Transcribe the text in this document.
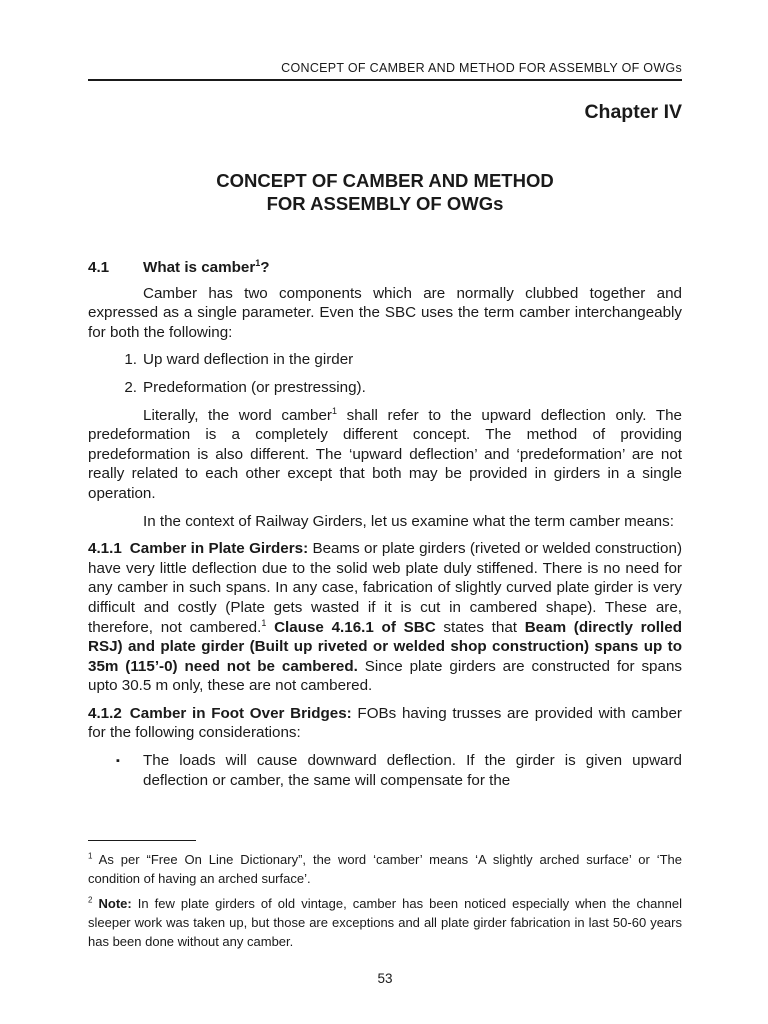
CONCEPT OF CAMBER AND METHOD FOR ASSEMBLY OF OWGs
Chapter IV
CONCEPT OF CAMBER AND METHOD
FOR ASSEMBLY OF OWGs
4.1	What is camber$^1$?

Camber has two components which are normally clubbed together and expressed as a single parameter. Even the SBC uses the term camber interchangeably for both the following:

1. Up ward deflection in the girder
2. Predeformation (or prestressing).

Literally, the word camber$^1$ shall refer to the upward deflection only. The predeformation is a completely different concept. The method of providing predeformation is also different. The ‘upward deflection’ and ‘predeformation’ are not really related to each other except that both may be provided in girders in a single operation.

In the context of Railway Girders, let us examine what the term camber means:

4.1.1 Camber in Plate Girders: Beams or plate girders (riveted or welded construction) have very little deflection due to the solid web plate duly stiffened. There is no need for any camber in such spans. In any case, fabrication of slightly curved plate girder is very difficult and costly (Plate gets wasted if it is cut in cambered shape). These are, therefore, not cambered.$^1$ Clause 4.16.1 of SBC states that Beam (directly rolled RSJ) and plate girder (Built up riveted or welded shop construction) spans up to 35m (115’-0) need not be cambered. Since plate girders are constructed for spans upto 30.5 m only, these are not cambered.

4.1.2 Camber in Foot Over Bridges: FOBs having trusses are provided with camber for the following considerations:

▪	The loads will cause downward deflection. If the girder is given upward deflection or camber, the same will compensate for the

$^1$ As per “Free On Line Dictionary”, the word ‘camber’ means ‘A slightly arched surface’ or ‘The condition of having an arched surface’.

$^2$ Note: In few plate girders of old vintage, camber has been noticed especially when the channel sleeper work was taken up, but those are exceptions and all plate girder fabrication in last 50-60 years has been done without any camber.

53
